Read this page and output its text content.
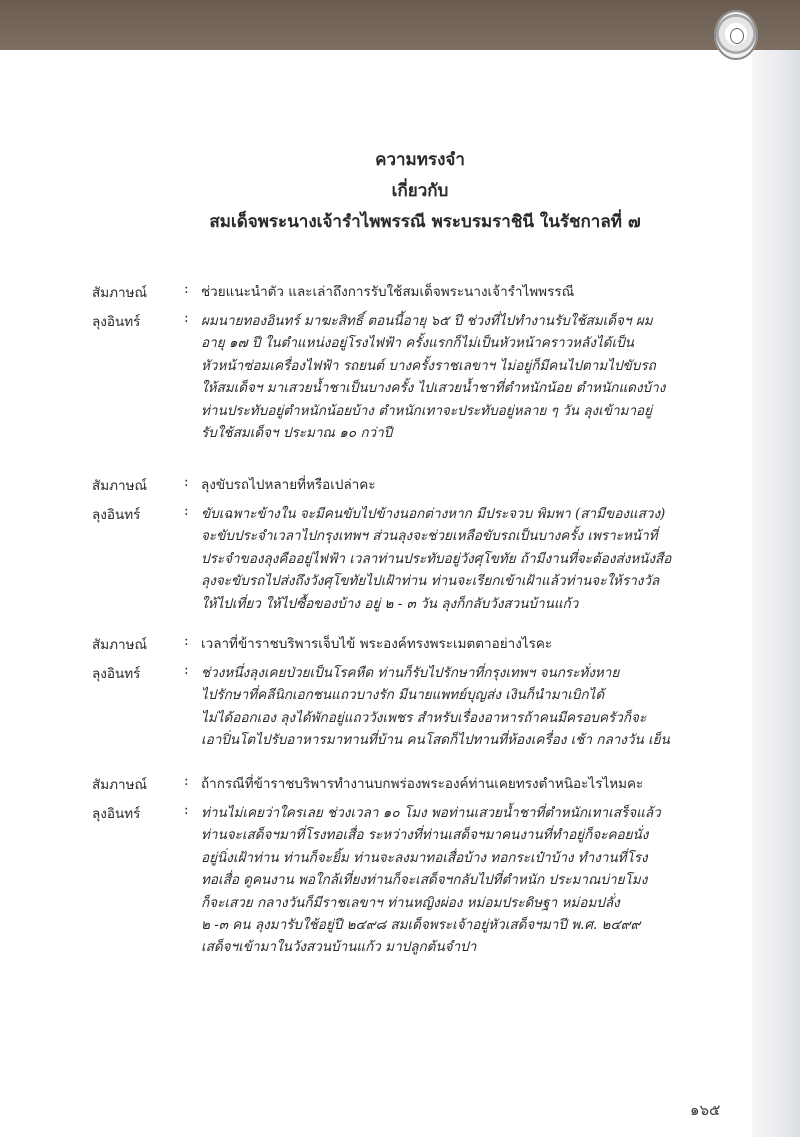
ความทรงจำ
เกี่ยวกับ
สมเด็จพระนางเจ้ารำไพพรรณี พระบรมราชินี ในรัชกาลที่ ๗
สัมภาษณ์	: ช่วยแนะนำตัว และเล่าถึงการรับใช้สมเด็จพระนางเจ้ารำไพพรรณี
ลุงอินทร์	: ผมนายทองอินทร์ มาฆะสิทธิ์ ตอนนี้อายุ ๖๕ ปี ช่วงที่ไปทำงานรับใช้สมเด็จฯ ผม
อายุ ๑๗ ปี ในตำแหน่งอยู่โรงไฟฟ้า ครั้งแรกก็ไม่เป็นหัวหน้าคราวหลังได้เป็น
หัวหน้าซ่อมเครื่องไฟฟ้า รถยนต์ บางครั้งราชเลขาฯ ไม่อยู่ก็มีคนไปตามไปขับรถ
ให้สมเด็จฯ มาเสวยน้ำชาเป็นบางครั้ง ไปเสวยน้ำชาที่ตำหนักน้อย ตำหนักแดงบ้าง
ท่านประทับอยู่ตำหนักน้อยบ้าง ตำหนักเทาจะประทับอยู่หลาย ๆ วัน ลุงเข้ามาอยู่
รับใช้สมเด็จฯ ประมาณ ๑๐ กว่าปี
สัมภาษณ์	: ลุงขับรถไปหลายที่หรือเปล่าคะ
ลุงอินทร์	: ขับเฉพาะข้างใน จะมีคนขับไปข้างนอกต่างหาก มีประจวบ พิมพา (สามีของแสวง)
จะขับประจำเวลาไปกรุงเทพฯ ส่วนลุงจะช่วยเหลือขับรถเป็นบางครั้ง เพราะหน้าที่
ประจำของลุงคืออยู่ไฟฟ้า เวลาท่านประทับอยู่วังศุโขทัย ถ้ามีงานที่จะต้องส่งหนังสือ
ลุงจะขับรถไปส่งถึงวังศุโขทัยไปเฝ้าท่าน ท่านจะเรียกเข้าเฝ้าแล้วท่านจะให้รางวัล
ให้ไปเที่ยว ให้ไปซื้อของบ้าง อยู่ ๒ - ๓ วัน ลุงก็กลับวังสวนบ้านแก้ว
สัมภาษณ์	: เวลาที่ข้าราชบริพารเจ็บไข้ พระองค์ทรงพระเมตตาอย่างไรคะ
ลุงอินทร์	: ช่วงหนึ่งลุงเคยป่วยเป็นโรคหืด ท่านก็รับไปรักษาที่กรุงเทพฯ จนกระทั่งหาย
ไปรักษาที่คลีนิกเอกชนแถวบางรัก มีนายแพทย์บุญส่ง เงินก็นำมาเบิกได้
ไม่ได้ออกเอง ลุงได้พักอยู่แถววังเพชร สำหรับเรื่องอาหารถ้าคนมีครอบครัวก็จะ
เอาปิ่นโตไปรับอาหารมาทานที่บ้าน คนโสดก็ไปทานที่ห้องเครื่อง เช้า กลางวัน เย็น
สัมภาษณ์	: ถ้ากรณีที่ข้าราชบริพารทำงานบกพร่องพระองค์ท่านเคยทรงตำหนิอะไรไหมคะ
ลุงอินทร์	: ท่านไม่เคยว่าใครเลย ช่วงเวลา ๑๐ โมง พอท่านเสวยน้ำชาที่ตำหนักเทาเสร็จแล้ว
ท่านจะเสด็จฯมาที่โรงทอเสื่อ ระหว่างที่ท่านเสด็จฯมาคนงานที่ทำอยู่ก็จะคอยนั่ง
อยู่นิ่งเฝ้าท่าน ท่านก็จะยิ้ม ท่านจะลงมาทอเสื่อบ้าง ทอกระเป๋าบ้าง ทำงานที่โรง
ทอเสื่อ ดูคนงาน พอใกล้เที่ยงท่านก็จะเสด็จฯกลับไปที่ตำหนัก ประมาณบ่ายโมง
ก็จะเสวย กลางวันก็มีราชเลขาฯ ท่านหญิงผ่อง หม่อมประดิษฐา หม่อมปลั่ง
๒ -๓ คน ลุงมารับใช้อยู่ปี ๒๔๙๘ สมเด็จพระเจ้าอยู่หัวเสด็จฯมาปี พ.ศ. ๒๔๙๙
เสด็จฯเข้ามาในวังสวนบ้านแก้ว มาปลูกต้นจำปา
๑๖๕
